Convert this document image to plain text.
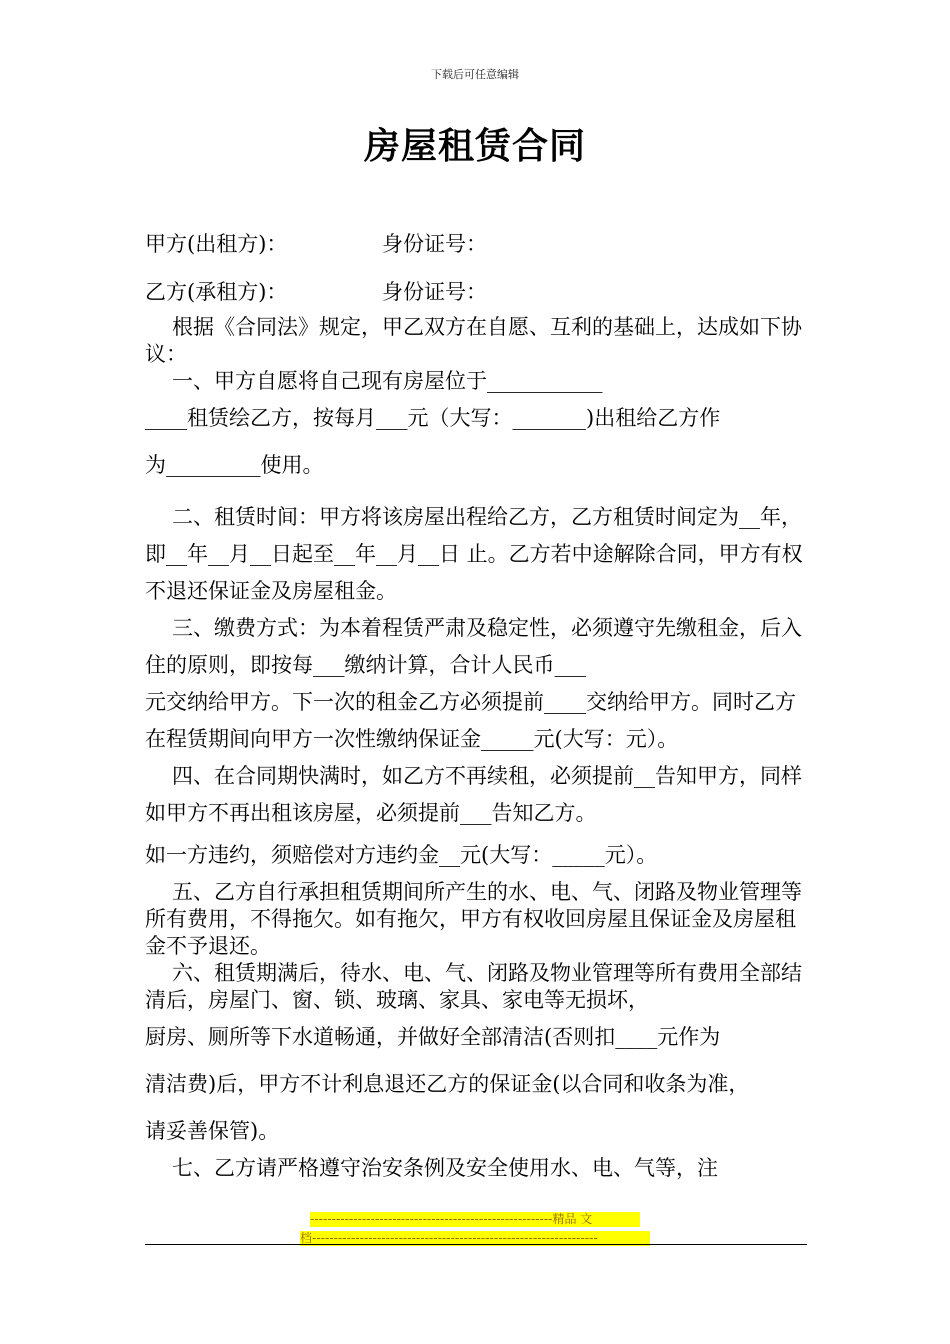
下载后可任意编辑
房屋租赁合同
甲方(出租方)：	身份证号：
乙方(承租方)：	身份证号：

根据《合同法》规定，甲乙双方在自愿、互利的基础上，达成如下协议：

一、甲方自愿将自己现有房屋位于___________

____租赁绘乙方，按每月___元（大写：_______)出租给乙方作

为_________使用。

二、租赁时间：甲方将该房屋出程给乙方，乙方租赁时间定为__年，即__年__月__日起至__年__月__日 止。乙方若中途解除合同，甲方有权不退还保证金及房屋租金。

三、缴费方式：为本着程赁严肃及稳定性，必须遵守先缴租金，后入住的原则，即按每___缴纳计算，合计人民币___

元交纳给甲方。下一次的租金乙方必须提前____交纳给甲方。同时乙方在程赁期间向甲方一次性缴纳保证金_____元(大写：元）。

四、在合同期快满时，如乙方不再续租，必须提前__告知甲方，同样如甲方不再出租该房屋，必须提前___告知乙方。

如一方违约，须赔偿对方违约金__元(大写：_____元）。

五、乙方自行承担租赁期间所产生的水、电、气、闭路及物业管理等所有费用，不得拖欠。如有拖欠，甲方有权收回房屋且保证金及房屋租金不予退还。

六、租赁期满后，待水、电、气、闭路及物业管理等所有费用全部结清后，房屋门、窗、锁、玻璃、家具、家电等无损坏，

厨房、厕所等下水道畅通，并做好全部清洁(否则扣____元作为

清洁费)后，甲方不计利息退还乙方的保证金(以合同和收条为准，

请妥善保管)。

七、乙方请严格遵守治安条例及安全使用水、电、气等，注

--------------------------------------------------------精品 文
档------------------------------------------------------------------
